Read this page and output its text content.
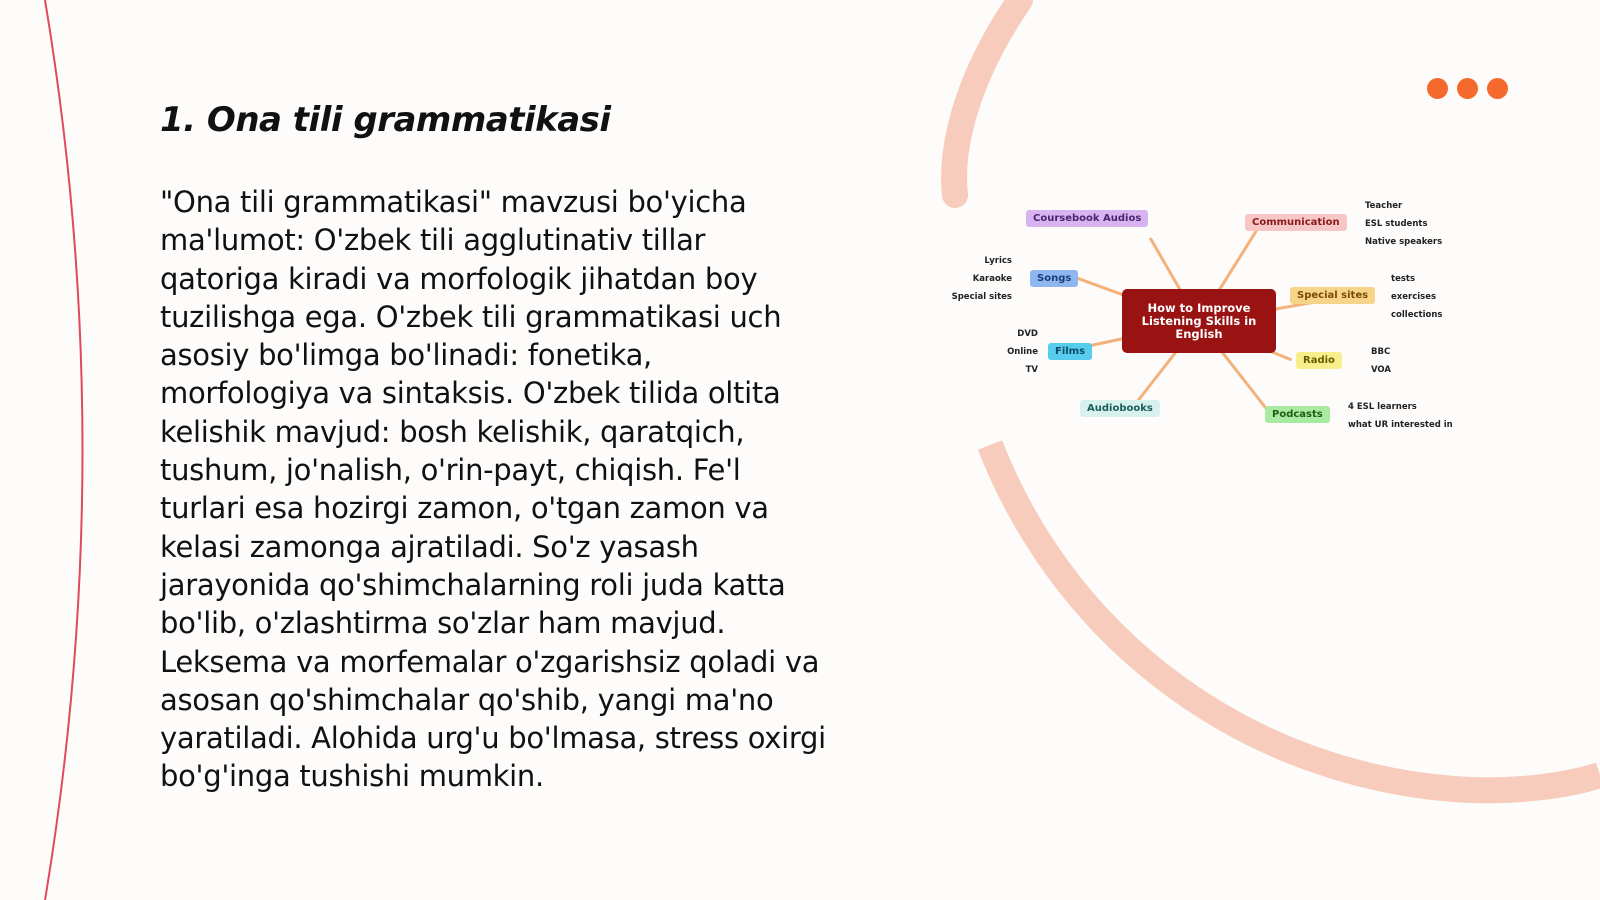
1. Ona tili grammatikasi

"Ona tili grammatikasi" mavzusi bo'yicha ma'lumot: O'zbek tili agglutinativ tillar qatoriga kiradi va morfologik jihatdan boy tuzilishga ega. O'zbek tili grammatikasi uch asosiy bo'limga bo'linadi: fonetika, morfologiya va sintaksis. O'zbek tilida oltita kelishik mavjud: bosh kelishik, qaratqich, tushum, jo'nalish, o'rin-payt, chiqish. Fe'l turlari esa hozirgi zamon, o'tgan zamon va kelasi zamonga ajratiladi. So'z yasash jarayonida qo'shimchalarning roli juda katta bo'lib, o'zlashtirma so'zlar ham mavjud. Leksema va morfemalar o'zgarishsiz qoladi va asosan qo'shimchalar qo'shib, yangi ma'no yaratiladi. Alohida urg'u bo'lmasa, stress oxirgi bo'g'inga tushishi mumkin.

How to Improve Listening Skills in English
Coursebook Audios	Communication
Songs
Special sites
Films
Radio
Audiobooks
Podcasts
Teacher
ESL students
Native speakers
Lyrics
Karaoke
Special sites
tests
exercises
collections
DVD
Online
TV
BBC
VOA
4 ESL learners
what UR interested in
